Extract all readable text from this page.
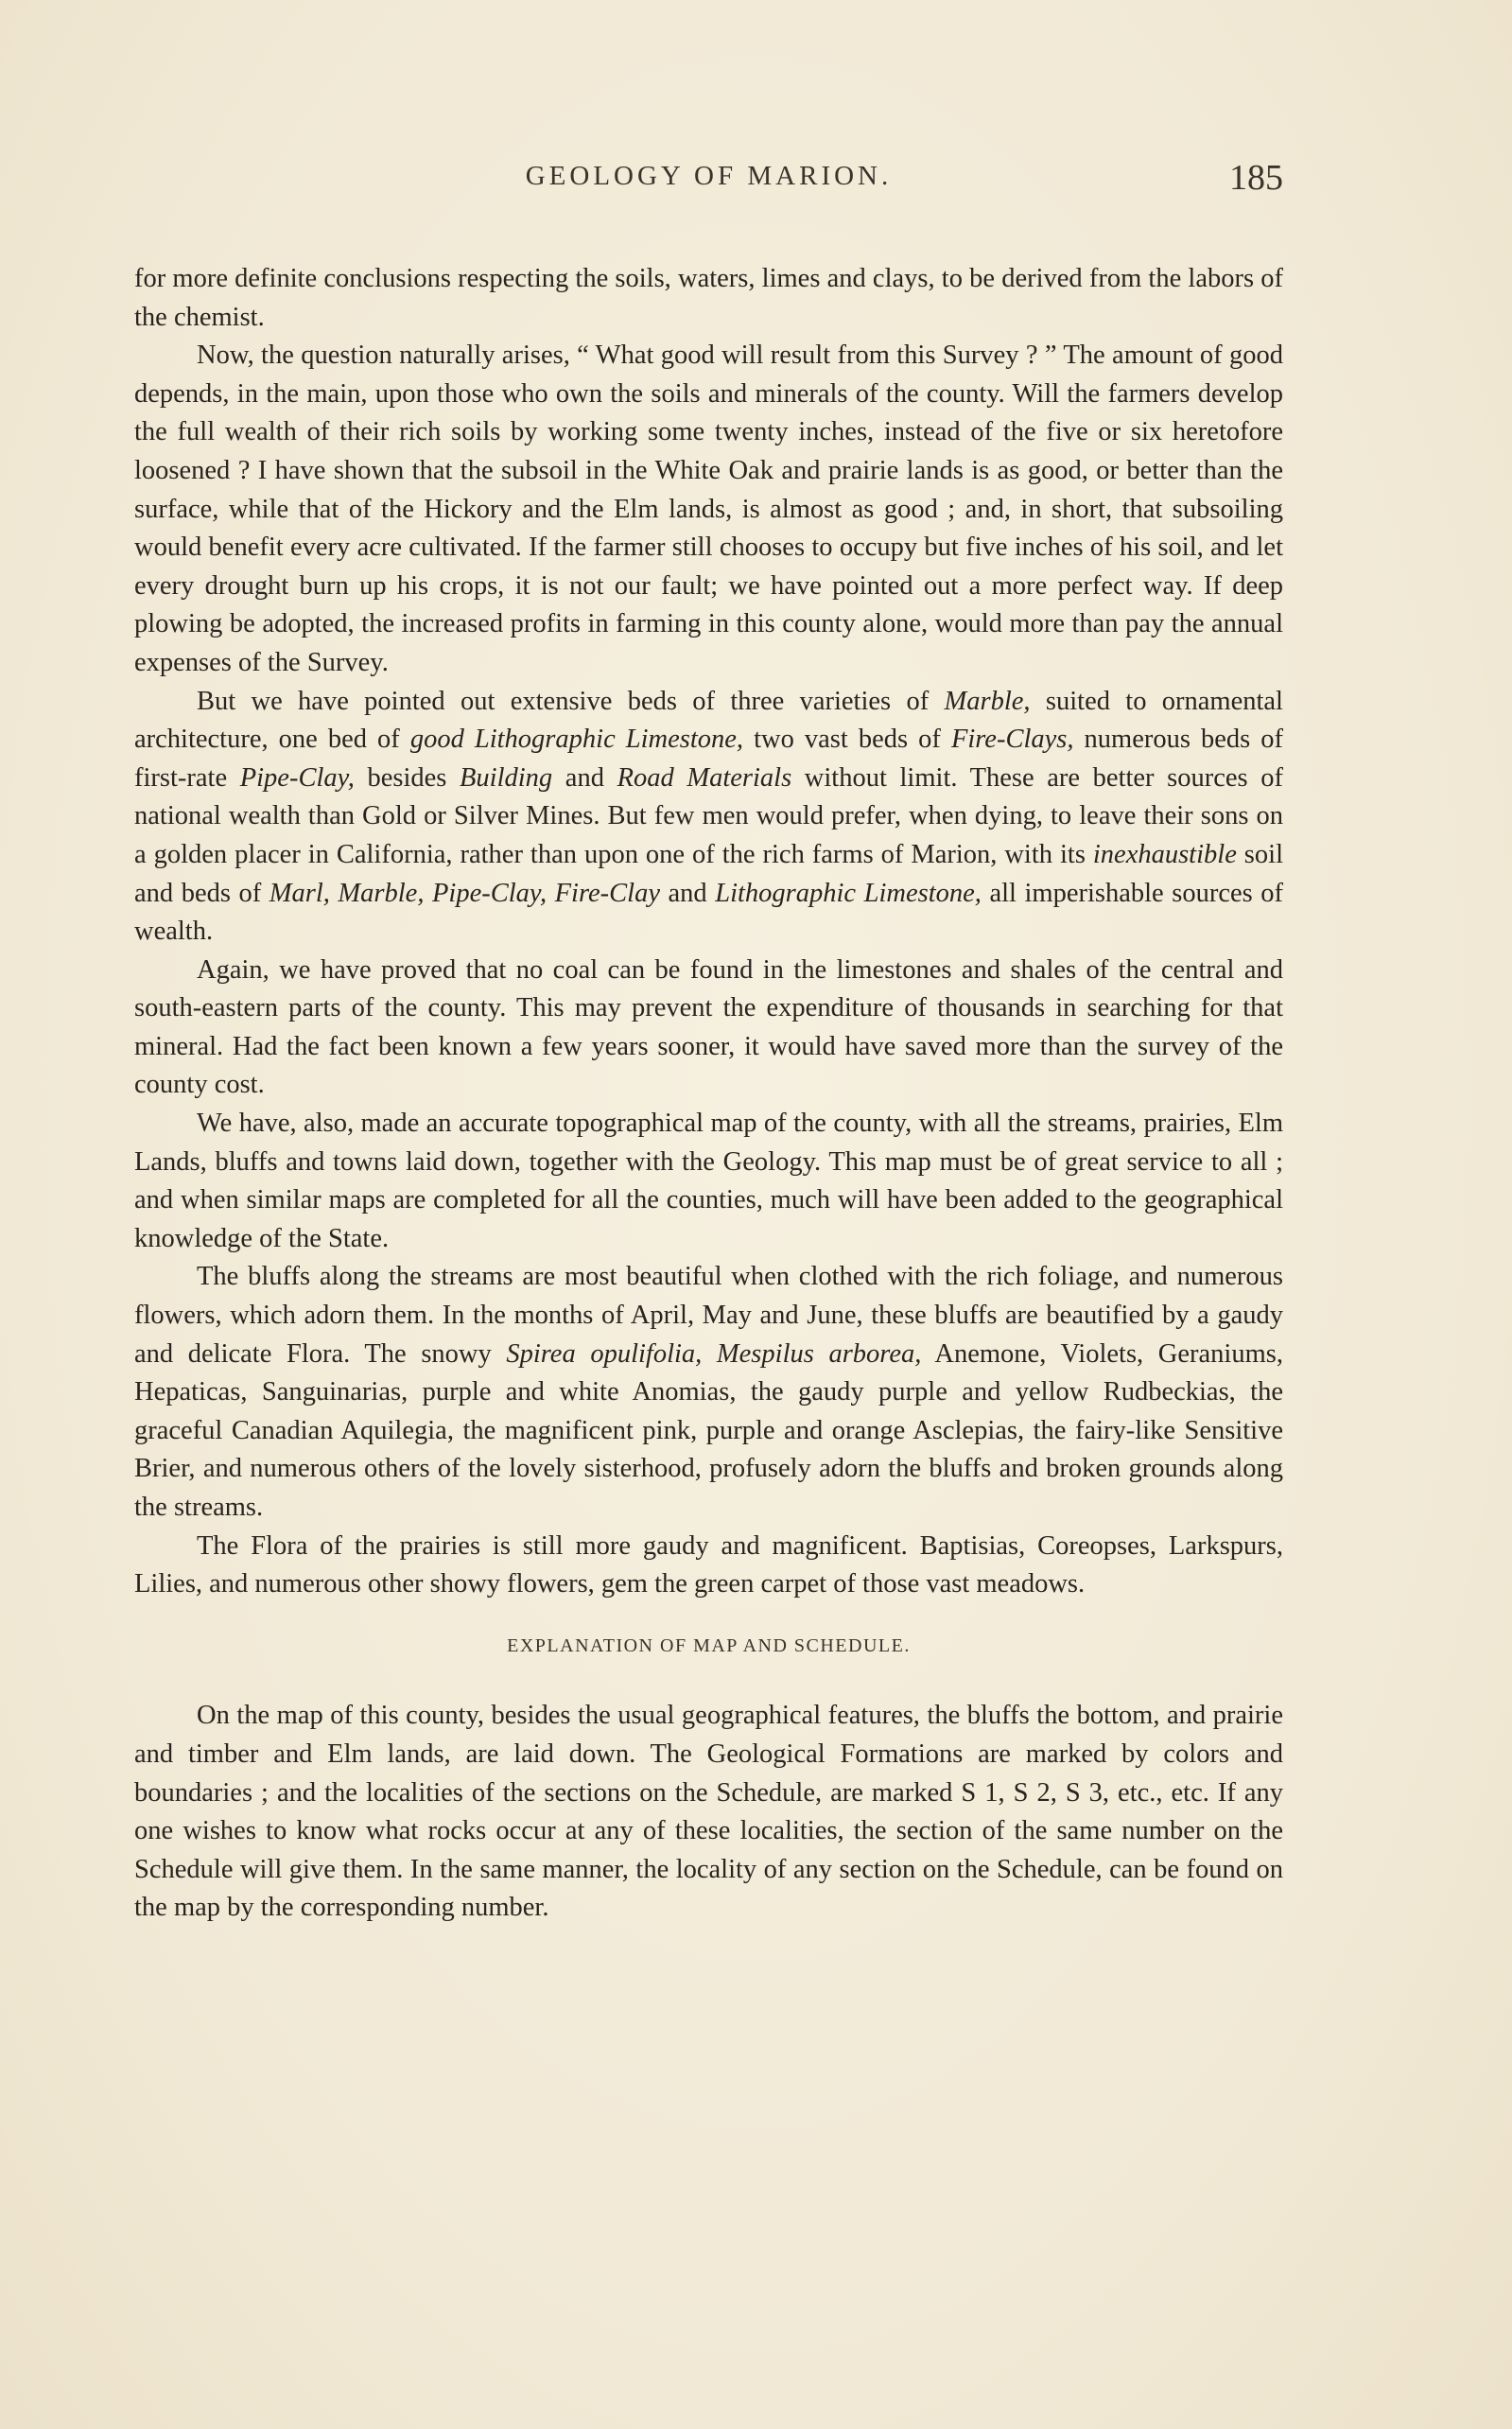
GEOLOGY OF MARION.	185

for more definite conclusions respecting the soils, waters, limes and clays, to be derived from the labors of the chemist.

Now, the question naturally arises, “ What good will result from this Survey ? ” The amount of good depends, in the main, upon those who own the soils and minerals of the county. Will the farmers develop the full wealth of their rich soils by working some twenty inches, instead of the five or six heretofore loosened ? I have shown that the subsoil in the White Oak and prairie lands is as good, or better than the surface, while that of the Hickory and the Elm lands, is almost as good ; and, in short, that subsoiling would benefit every acre cultivated. If the farmer still chooses to occupy but five inches of his soil, and let every drought burn up his crops, it is not our fault; we have pointed out a more perfect way. If deep plowing be adopted, the increased profits in farming in this county alone, would more than pay the annual expenses of the Survey.

But we have pointed out extensive beds of three varieties of Marble, suited to ornamental architecture, one bed of good Lithographic Limestone, two vast beds of Fire-Clays, numerous beds of first-rate Pipe-Clay, besides Building and Road Materials without limit. These are better sources of national wealth than Gold or Silver Mines. But few men would prefer, when dying, to leave their sons on a golden placer in California, rather than upon one of the rich farms of Marion, with its inexhaustible soil and beds of Marl, Marble, Pipe-Clay, Fire-Clay and Lithographic Limestone, all imperishable sources of wealth.

Again, we have proved that no coal can be found in the limestones and shales of the central and south-eastern parts of the county. This may prevent the expenditure of thousands in searching for that mineral. Had the fact been known a few years sooner, it would have saved more than the survey of the county cost.

We have, also, made an accurate topographical map of the county, with all the streams, prairies, Elm Lands, bluffs and towns laid down, together with the Geology. This map must be of great service to all ; and when similar maps are completed for all the counties, much will have been added to the geographical knowledge of the State.

The bluffs along the streams are most beautiful when clothed with the rich foliage, and numerous flowers, which adorn them. In the months of April, May and June, these bluffs are beautified by a gaudy and delicate Flora. The snowy Spirea opulifolia, Mespilus arborea, Anemone, Violets, Geraniums, Hepaticas, Sanguinarias, purple and white Anomias, the gaudy purple and yellow Rudbeckias, the graceful Canadian Aquilegia, the magnificent pink, purple and orange Asclepias, the fairy-like Sensitive Brier, and numerous others of the lovely sisterhood, profusely adorn the bluffs and broken grounds along the streams.

The Flora of the prairies is still more gaudy and magnificent. Baptisias, Coreopses, Larkspurs, Lilies, and numerous other showy flowers, gem the green carpet of those vast meadows.

EXPLANATION OF MAP AND SCHEDULE.

On the map of this county, besides the usual geographical features, the bluffs the bottom, and prairie and timber and Elm lands, are laid down. The Geological Formations are marked by colors and boundaries ; and the localities of the sections on the Schedule, are marked S 1, S 2, S 3, etc., etc. If any one wishes to know what rocks occur at any of these localities, the section of the same number on the Schedule will give them. In the same manner, the locality of any section on the Schedule, can be found on the map by the corresponding number.
